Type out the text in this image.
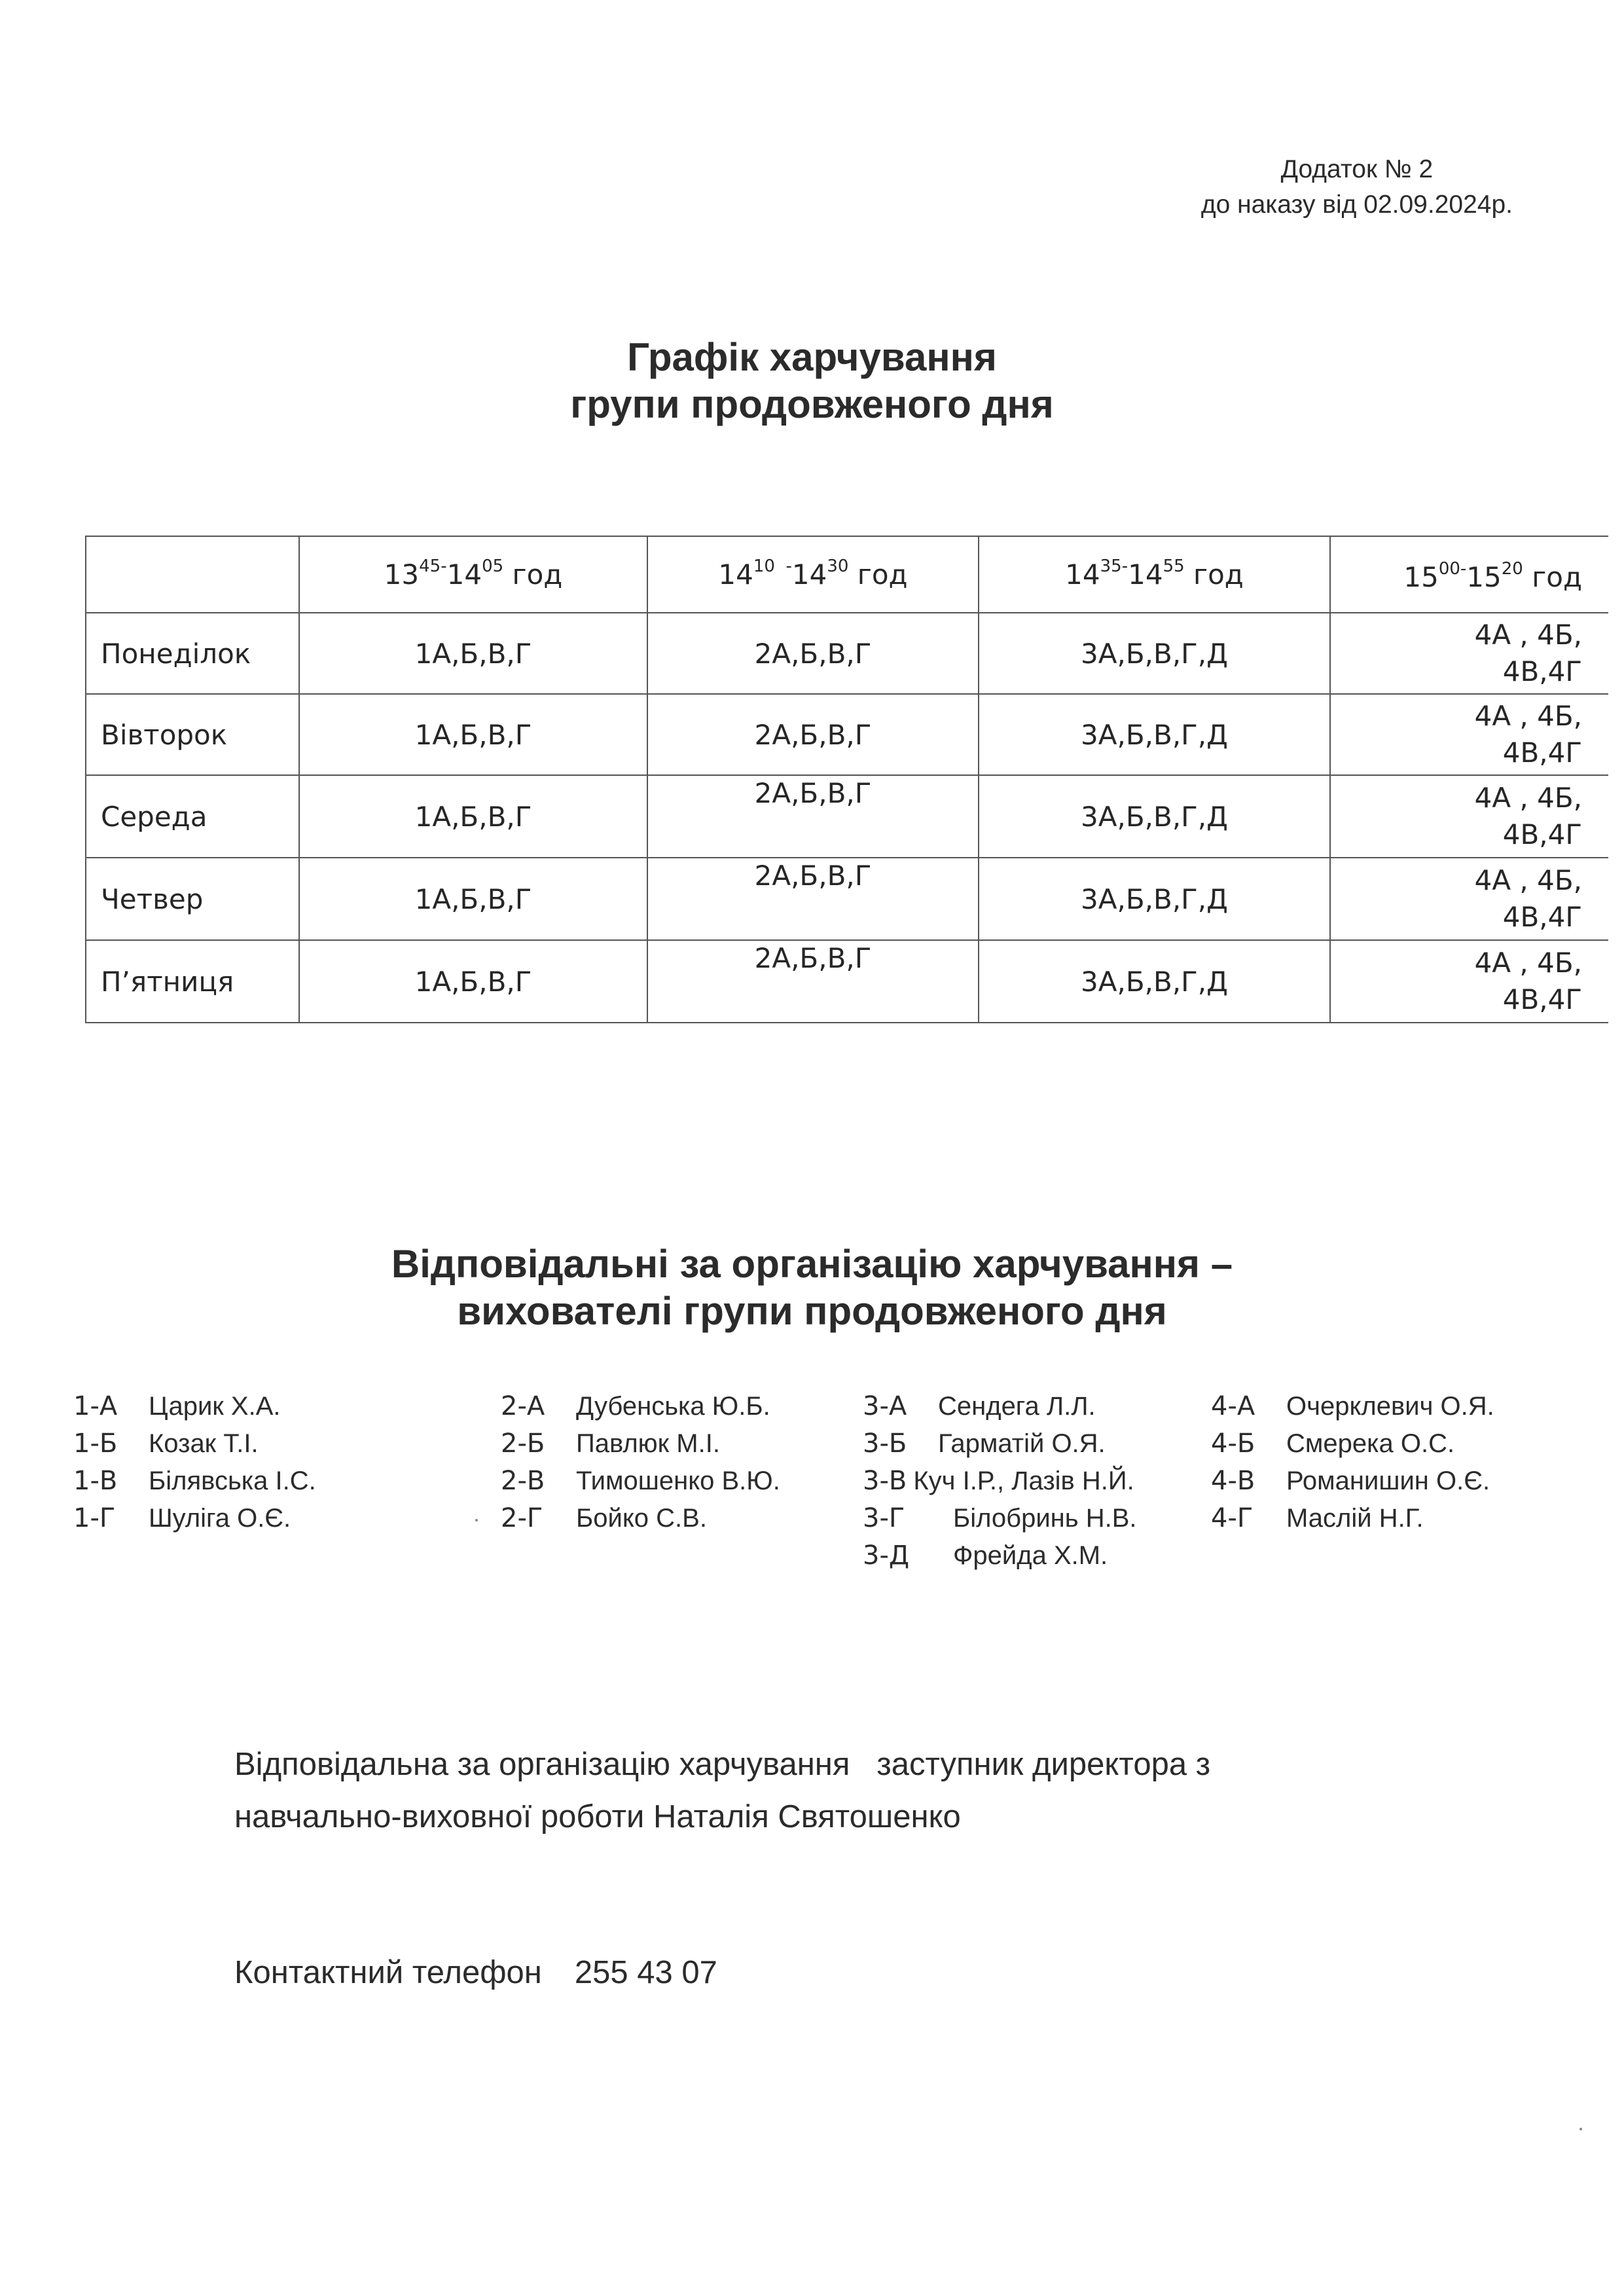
Додаток № 2
до наказу від 02.09.2024р.
Графік харчування
групи продовженого дня
	$13^{45-}14^{05}$ год	$14^{10}$  $^-14^{30}$ год	$14^{35-}14^{55}$ год	$15^{00-}15^{20}$ год
Понеділок	1А,Б,В,Г	2А,Б,В,Г	3А,Б,В,Г,Д	4А , 4Б,
4В,4Г

Вівторок	1А,Б,В,Г	2А,Б,В,Г	3А,Б,В,Г,Д	4А , 4Б,
4В,4Г

Середа	1А,Б,В,Г	2А,Б,В,Г	3А,Б,В,Г,Д	4А , 4Б,
4В,4Г

Четвер	1А,Б,В,Г	2А,Б,В,Г	3А,Б,В,Г,Д	4А , 4Б,
4В,4Г

П’ятниця	1А,Б,В,Г	2А,Б,В,Г	3А,Б,В,Г,Д	4А , 4Б,
4В,4Г
Відповідальні за організацію харчування –
вихователі групи продовженого дня
1-А Царик Х.А.
1-Б Козак Т.І.
1-В Білявська І.С.
1-Г Шуліга О.Є.
2-А Дубенська Ю.Б.
2-Б Павлюк М.І.
2-В Тимошенко В.Ю.
2-Г Бойко С.В.
3-А Сендега Л.Л.
3-Б Гарматій О.Я.
3-В Куч І.Р., Лазів Н.Й.
3-Г Білобринь Н.В.
3-Д Фрейда Х.М.
4-А Очерклевич О.Я.
4-Б Смерека О.С.
4-В Романишин О.Є.
4-Г Маслій Н.Г.
Відповідальна за організацію харчування   заступник директора з
навчально-виховної роботи Наталія Святошенко
Контактний телефон 255 43 07
